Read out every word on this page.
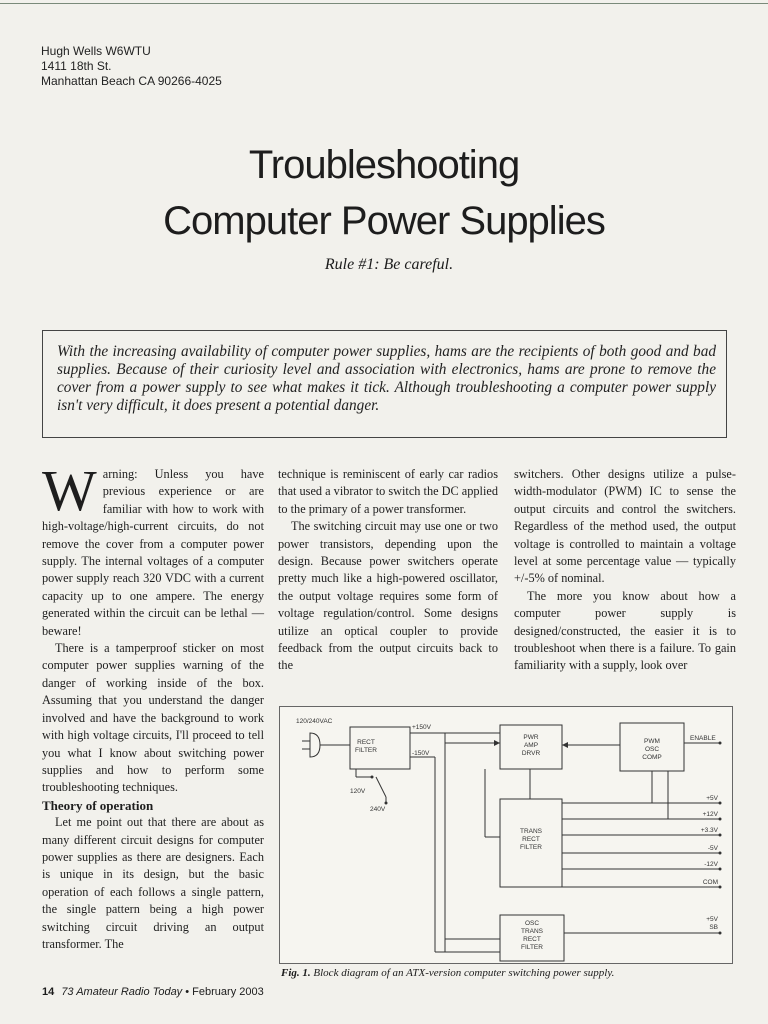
Hugh Wells W6WTU
1411 18th St.
Manhattan Beach CA 90266-4025
Troubleshooting
Computer Power Supplies
Rule #1: Be careful.
With the increasing availability of computer power supplies, hams are the recipients of both good and bad supplies. Because of their curiosity level and association with electronics, hams are prone to remove the cover from a power supply to see what makes it tick. Although troubleshooting a computer power supply isn't very difficult, it does present a potential danger.

Warning: Unless you have previous experience or are familiar with how to work with high-voltage/high-current circuits, do not remove the cover from a computer power supply. The internal voltages of a computer power supply reach 320 VDC with a current capacity up to one ampere. The energy generated within the circuit can be lethal — beware!

There is a tamperproof sticker on most computer power supplies warning of the danger of working inside of the box. Assuming that you understand the danger involved and have the background to work with high voltage circuits, I'll proceed to tell you what I know about switching power supplies and how to perform some troubleshooting techniques.

Theory of operation

Let me point out that there are about as many different circuit designs for computer power supplies as there are designers. Each is unique in its design, but the basic operation of each follows a single pattern, the single pattern being a high power switching circuit driving an output transformer. The

technique is reminiscent of early car radios that used a vibrator to switch the DC applied to the primary of a power transformer.

The switching circuit may use one or two power transistors, depending upon the design. Because power switchers operate pretty much like a high-powered oscillator, the output voltage requires some form of voltage regulation/control. Some designs utilize an optical coupler to provide feedback from the output circuits back to the

switchers. Other designs utilize a pulse-width-modulator (PWM) IC to sense the output circuits and control the switchers. Regardless of the method used, the output voltage is controlled to maintain a voltage level at some percentage value — typically +/-5% of nominal.

The more you know about how a computer power supply is designed/constructed, the easier it is to troubleshoot when there is a failure. To gain familiarity with a supply, look over

120/240VAC
+150V
-150V
RECT
FILTER
120V
240V
PWR
AMP
DRVR
PWM
OSC
COMP
ENABLE
TRANS
RECT
FILTER
+5V
+12V
+3.3V
-5V
-12V
COM
OSC
TRANS
RECT
FILTER
+5V
SB
Fig. 1. Block diagram of an ATX-version computer switching power supply.
14 73 Amateur Radio Today • February 2003
